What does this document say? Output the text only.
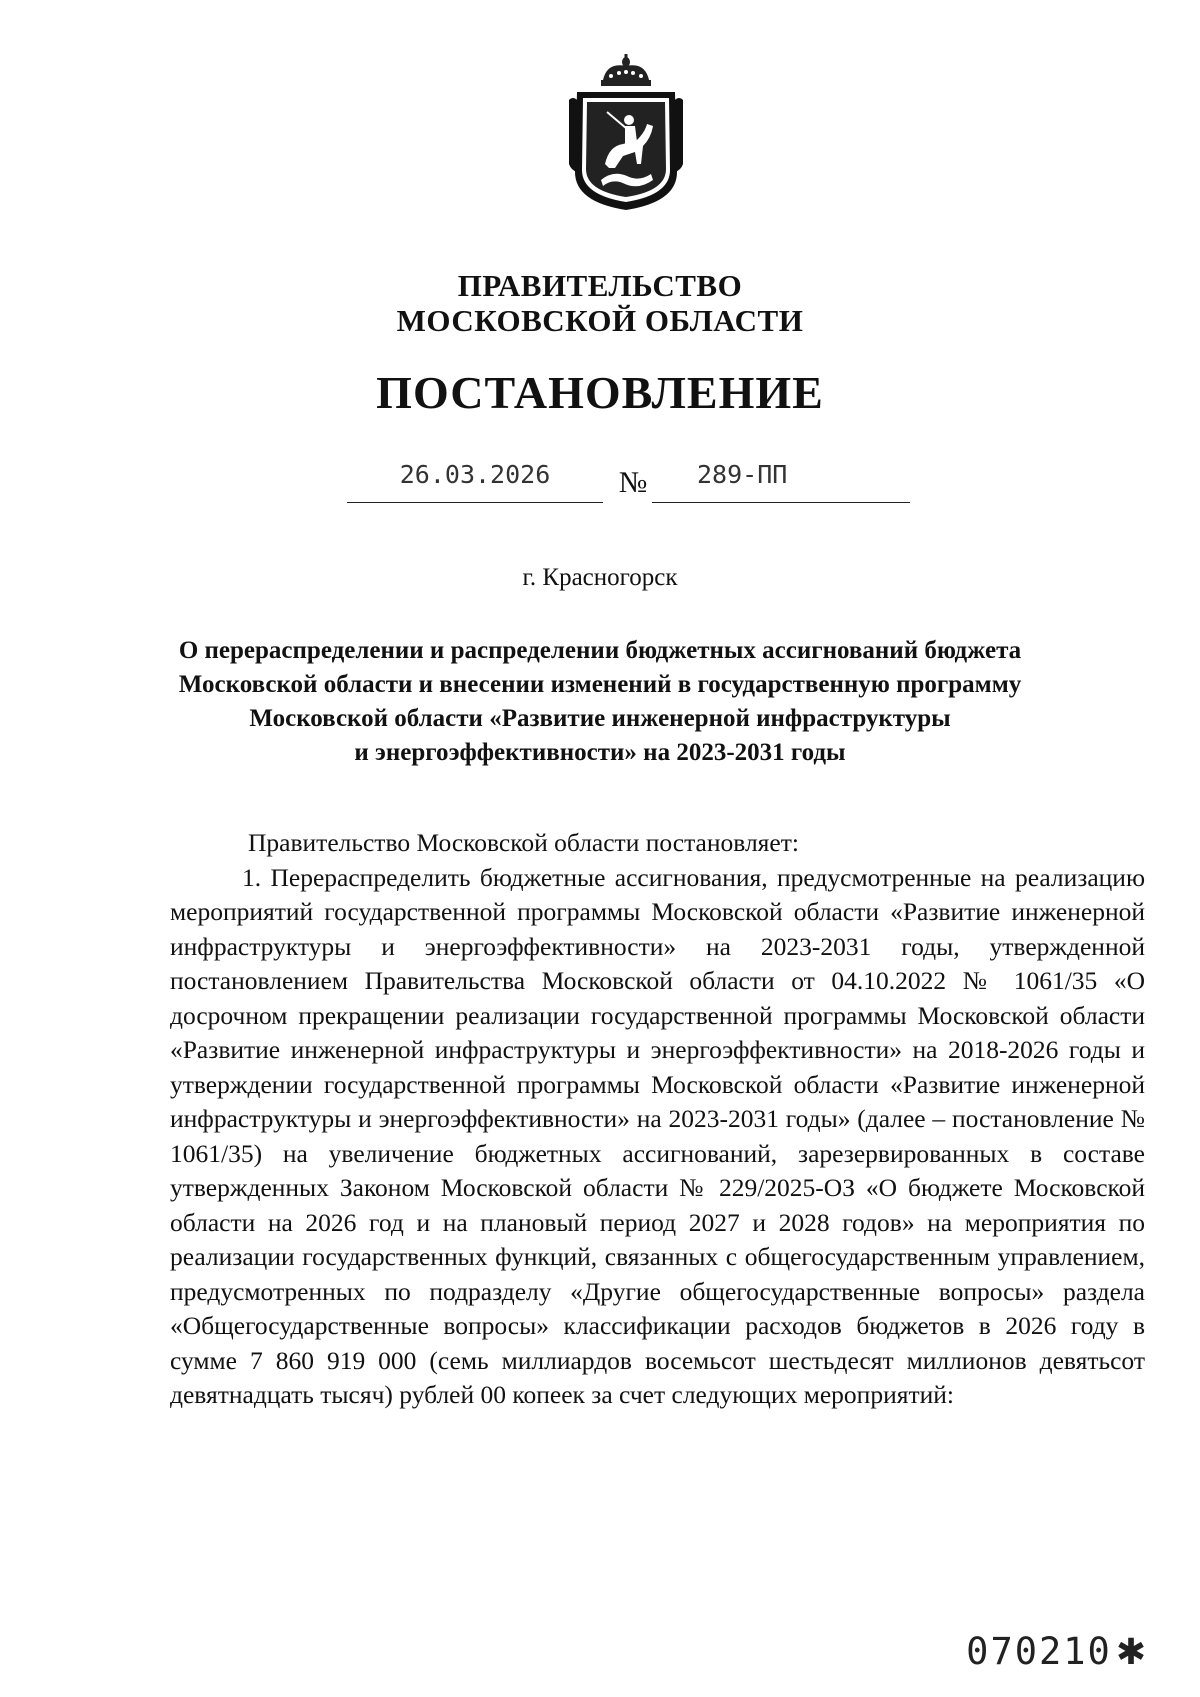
ПРАВИТЕЛЬСТВО
МОСКОВСКОЙ ОБЛАСТИ
ПОСТАНОВЛЕНИЕ
26.03.2026	№ 289-ПП
г. Красногорск
О перераспределении и распределении бюджетных ассигнований бюджета
Московской области и внесении изменений в государственную программу
Московской области «Развитие инженерной инфраструктуры
и энергоэффективности» на 2023-2031 годы

Правительство Московской области постановляет:

1. Перераспределить бюджетные ассигнования, предусмотренные на реализацию мероприятий государственной программы Московской области «Развитие инженерной инфраструктуры и энергоэффективности» на 2023-2031 годы, утвержденной постановлением Правительства Московской области от 04.10.2022 № 1061/35 «О досрочном прекращении реализации государственной программы Московской области «Развитие инженерной инфраструктуры и энергоэффективности» на 2018-2026 годы и утверждении государственной программы Московской области «Развитие инженерной инфраструктуры и энергоэффективности» на 2023-2031 годы» (далее – постановление № 1061/35) на увеличение бюджетных ассигнований, зарезервированных в составе утвержденных Законом Московской области № 229/2025-ОЗ «О бюджете Московской области на 2026 год и на плановый период 2027 и 2028 годов» на мероприятия по реализации государственных функций, связанных с общегосударственным управлением, предусмотренных по подразделу «Другие общегосударственные вопросы» раздела «Общегосударственные вопросы» классификации расходов бюджетов в 2026 году в сумме 7 860 919 000 (семь миллиардов восемьсот шестьдесят миллионов девятьсот девятнадцать тысяч) рублей 00 копеек за счет следующих мероприятий:

070210 ✱
